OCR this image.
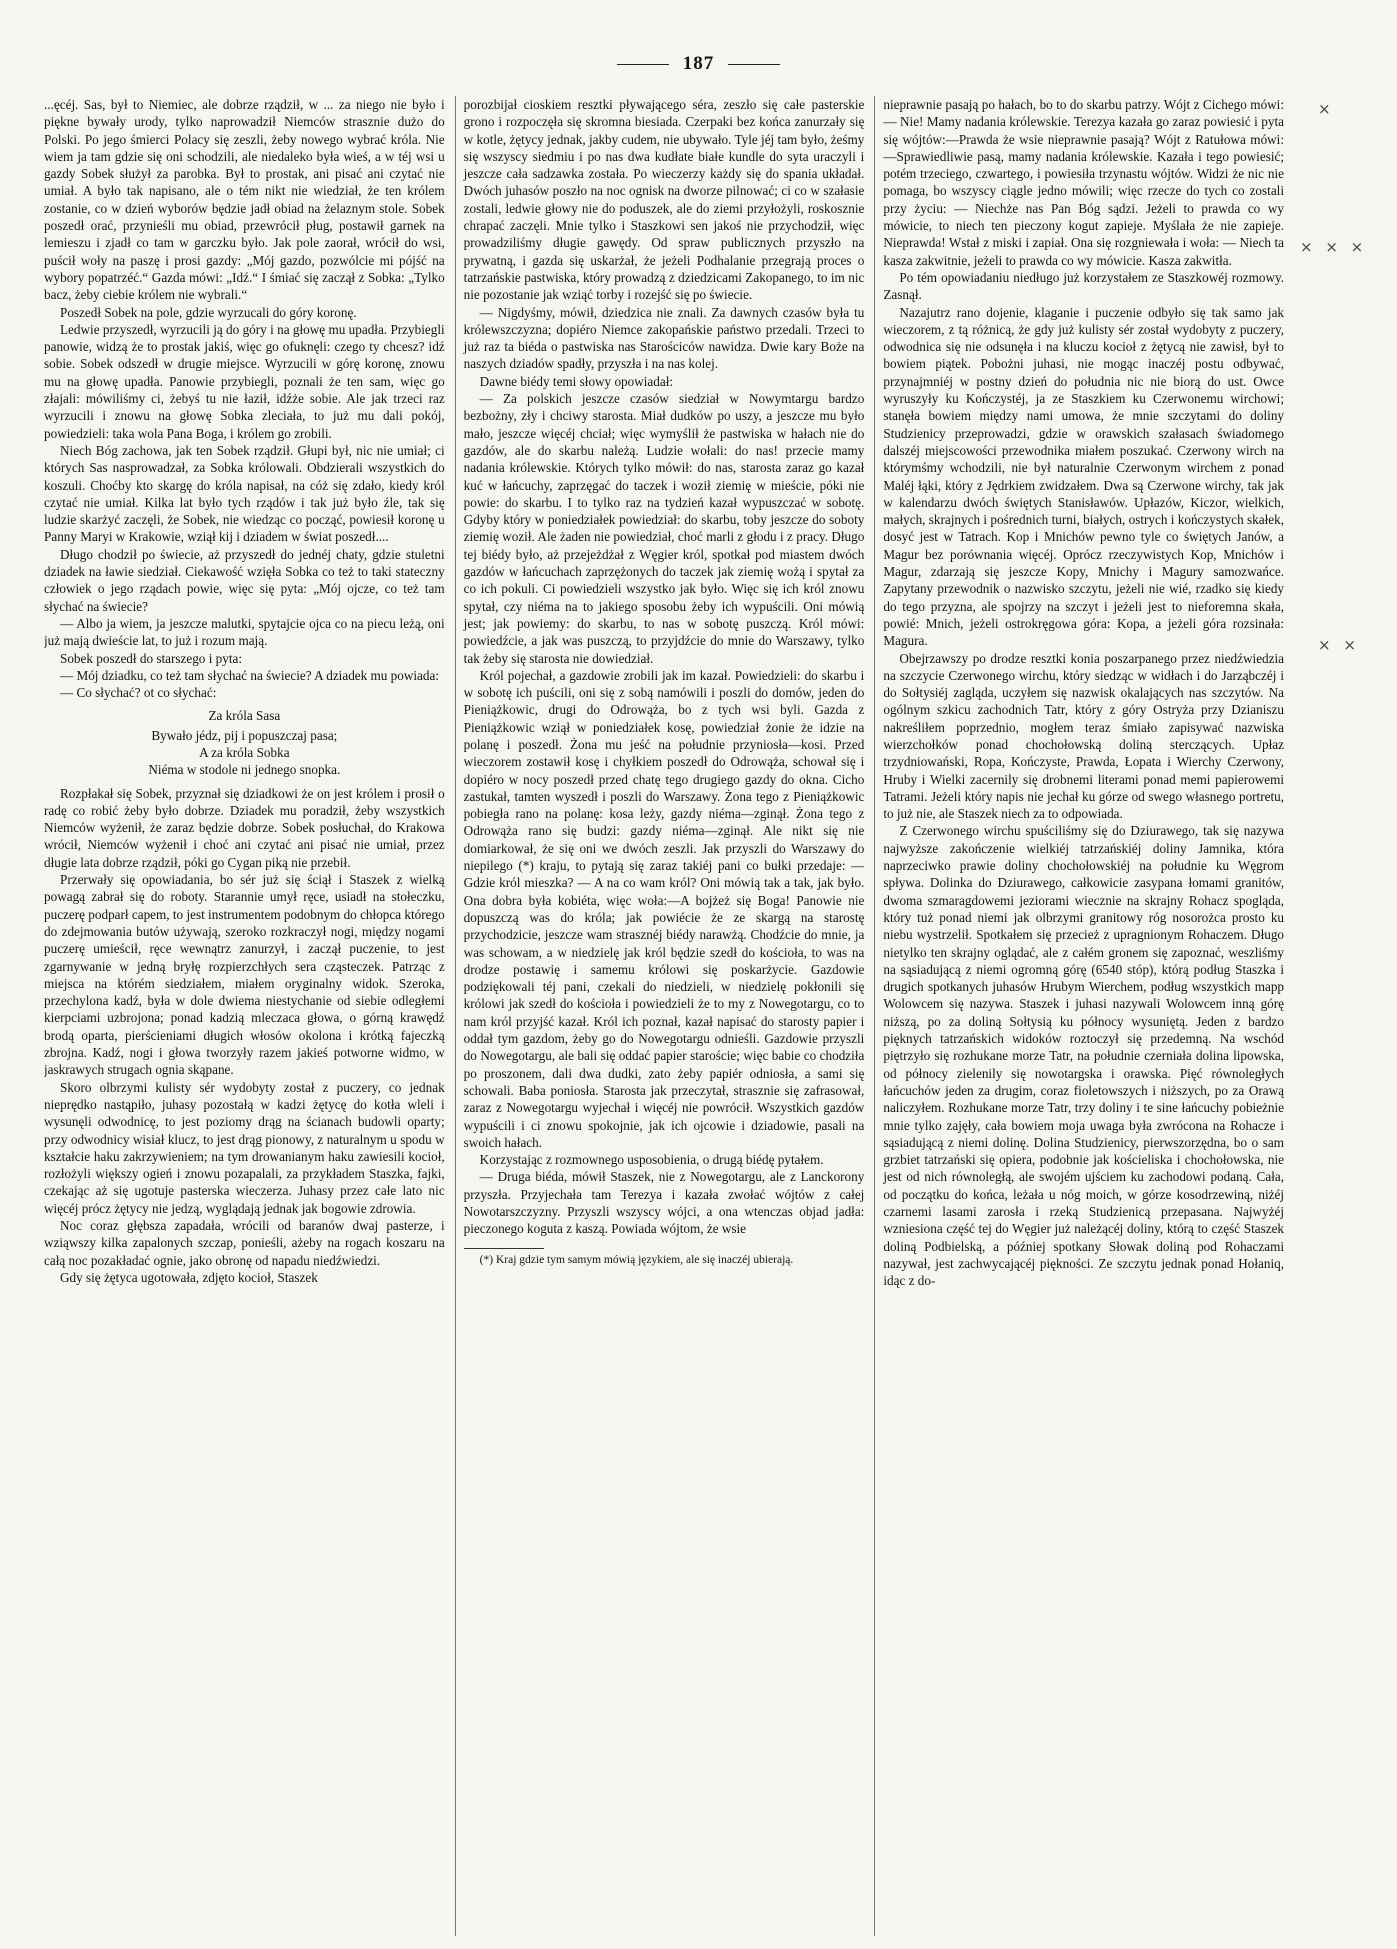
187
×
× × ×
× ×

...ęcéj. Sas, był to Niemiec, ale dobrze rządził, w ... za niego nie było i piękne bywały urody, tylko naprowadził Niemców strasznie dużo do Polski. Po jego śmierci Polacy się zeszli, żeby nowego wybrać króla. Nie wiem ja tam gdzie się oni schodzili, ale niedaleko była wieś, a w téj wsi u gazdy Sobek służył za parobka. Był to prostak, ani pisać ani czytać nie umiał. A było tak napisano, ale o tém nikt nie wiedział, że ten królem zostanie, co w dzień wyborów będzie jadł obiad na żelaznym stole. Sobek poszedł orać, przynieśli mu obiad, przewrócił pług, postawił garnek na lemieszu i zjadł co tam w garczku było. Jak pole zaorał, wrócił do wsi, puścił woły na paszę i prosi gazdy: „Mój gazdo, pozwólcie mi pójść na wybory popatrzéć.“ Gazda mówi: „Idź.“ I śmiać się zaczął z Sobka: „Tylko bacz, żeby ciebie królem nie wybrali.“

Poszedł Sobek na pole, gdzie wyrzucali do góry koronę.

Ledwie przyszedł, wyrzucili ją do góry i na głowę mu upadła. Przybiegli panowie, widzą że to prostak jakiś, więc go ofuknęli: czego ty chcesz? idź sobie. Sobek odszedł w drugie miejsce. Wyrzucili w górę koronę, znowu mu na głowę upadła. Panowie przybiegli, poznali że ten sam, więc go złajali: mówiliśmy ci, żebyś tu nie łaził, idźże sobie. Ale jak trzeci raz wyrzucili i znowu na głowę Sobka zleciała, to już mu dali pokój, powiedzieli: taka wola Pana Boga, i królem go zrobili.

Niech Bóg zachowa, jak ten Sobek rządził. Głupi był, nic nie umiał; ci których Sas nasprowadzał, za Sobka królowali. Obdzierali wszystkich do koszuli. Choćby kto skargę do króla napisał, na cóż się zdało, kiedy król czytać nie umiał. Kilka lat było tych rządów i tak już było źle, tak się ludzie skarżyć zaczęli, że Sobek, nie wiedząc co począć, powiesił koronę u Panny Maryi w Krakowie, wziął kij i dziadem w świat poszedł....

Długo chodził po świecie, aż przyszedł do jednéj chaty, gdzie stuletni dziadek na ławie siedział. Ciekawość wzięła Sobka co też to taki stateczny człowiek o jego rządach powie, więc się pyta: „Mój ojcze, co też tam słychać na świecie?

— Albo ja wiem, ja jeszcze malutki, spytajcie ojca co na piecu leżą, oni już mają dwieście lat, to już i rozum mają.

Sobek poszedł do starszego i pyta:

— Mój dziadku, co też tam słychać na świecie? A dziadek mu powiada:

— Co słychać? ot co słychać:

Za króla Sasa
Bywało jédz, pij i popuszczaj pasa;
A za króla Sobka
Niéma w stodole ni jednego snopka.

Rozpłakał się Sobek, przyznał się dziadkowi że on jest królem i prosił o radę co robić żeby było dobrze. Dziadek mu poradził, żeby wszystkich Niemców wyżenił, że zaraz będzie dobrze. Sobek posłuchał, do Krakowa wrócił, Niemców wyżenił i choć ani czytać ani pisać nie umiał, przez długie lata dobrze rządził, póki go Cygan piką nie przebił.

Przerwały się opowiadania, bo sér już się ściął i Staszek z wielką powagą zabrał się do roboty. Starannie umył ręce, usiadł na stołeczku, puczerę podparł capem, to jest instrumentem podobnym do chłopca którego do zdejmowania butów używają, szeroko rozkraczył nogi, między nogami puczerę umieścił, ręce wewnątrz zanurzył, i zaczął puczenie, to jest zgarnywanie w jedną bryłę rozpierzchłych sera cząsteczek. Patrząc z miejsca na którém siedziałem, miałem oryginalny widok. Szeroka, przechylona kadź, była w dole dwiema niestychanie od siebie odległemi kierpciami uzbrojona; ponad kadzią mleczaca głowa, o górną krawędź brodą oparta, pierścieniami długich włosów okolona i krótką fajeczką zbrojna. Kadź, nogi i głowa tworzyły razem jakieś potworne widmo, w jaskrawych strugach ognia skąpane.

Skoro olbrzymi kulisty sér wydobyty został z puczery, co jednak nieprędko nastąpiło, juhasy pozostałą w kadzi żętycę do kotła wleli i wysunęli odwodnicę, to jest poziomy drąg na ścianach budowli oparty; przy odwodnicy wisiał klucz, to jest drąg pionowy, z naturalnym u spodu w kształcie haku zakrzywieniem; na tym drowanianym haku zawiesili kocioł, rozłożyli większy ogień i znowu pozapalali, za przykładem Staszka, fajki, czekając aż się ugotuje pasterska wieczerza. Juhasy przez całe lato nic więcéj prócz żętycy nie jedzą, wyglądają jednak jak bogowie zdrowia.

Noc coraz głębsza zapadała, wrócili od baranów dwaj pasterze, i wziąwszy kilka zapalonych szczap, ponieśli, ażeby na rogach koszaru na całą noc pozakładać ognie, jako obronę od napadu niedźwiedzi.

Gdy się żętyca ugotowała, zdjęto kocioł, Staszek

porozbijał cioskiem resztki pływającego séra, zeszło się całe pasterskie grono i rozpoczęła się skromna biesiada. Czerpaki bez końca zanurzały się w kotle, żętycy jednak, jakby cudem, nie ubywało. Tyle jéj tam było, żeśmy się wszyscy siedmiu i po nas dwa kudłate białe kundle do syta uraczyli i jeszcze cała sadzawka została. Po wieczerzy każdy się do spania układał. Dwóch juhasów poszło na noc ognisk na dworze pilnować; ci co w szałasie zostali, ledwie głowy nie do poduszek, ale do ziemi przyłożyli, roskosznie chrapać zaczęli. Mnie tylko i Staszkowi sen jakoś nie przychodził, więc prowadziliśmy długie gawędy. Od spraw publicznych przyszło na prywatną, i gazda się uskarżał, że jeżeli Podhalanie przegrają proces o tatrzańskie pastwiska, który prowadzą z dziedzicami Zakopanego, to im nic nie pozostanie jak wziąć torby i rozejść się po świecie.

— Nigdyśmy, mówił, dziedzica nie znali. Za dawnych czasów była tu królewszczyzna; dopiéro Niemce zakopańskie państwo przedali. Trzeci to już raz ta biéda o pastwiska nas Starościców nawidza. Dwie kary Boże na naszych dziadów spadły, przyszła i na nas kolej.

Dawne biédy temi słowy opowiadał:

— Za polskich jeszcze czasów siedział w Nowymtargu bardzo bezbożny, zły i chciwy starosta. Miał dudków po uszy, a jeszcze mu było mało, jeszcze więcéj chciał; więc wymyślił że pastwiska w hałach nie do gazdów, ale do skarbu należą. Ludzie wołali: do nas! przecie mamy nadania królewskie. Których tylko mówił: do nas, starosta zaraz go kazał kuć w łańcuchy, zaprzęgać do taczek i woził ziemię w mieście, póki nie powie: do skarbu. I to tylko raz na tydzień kazał wypuszczać w sobotę. Gdyby który w poniedziałek powiedział: do skarbu, toby jeszcze do soboty ziemię woził. Ale żaden nie powiedział, choć marli z głodu i z pracy. Długo tej biédy było, aż przejeżdżał z Węgier król, spotkał pod miastem dwóch gazdów w łańcuchach zaprzężonych do taczek jak ziemię wożą i spytał za co ich pokuli. Ci powiedzieli wszystko jak było. Więc się ich król znowu spytał, czy niéma na to jakiego sposobu żeby ich wypuścili. Oni mówią jest; jak powiemy: do skarbu, to nas w sobotę puszczą. Król mówi: powiedźcie, a jak was puszczą, to przyjdźcie do mnie do Warszawy, tylko tak żeby się starosta nie dowiedział.

Król pojechał, a gazdowie zrobili jak im kazał. Powiedzieli: do skarbu i w sobotę ich puścili, oni się z sobą namówili i poszli do domów, jeden do Pieniążkowic, drugi do Odrowąża, bo z tych wsi byli. Gazda z Pieniążkowic wziął w poniedziałek kosę, powiedział żonie że idzie na polanę i poszedł. Żona mu jeść na południe przyniosła—kosi. Przed wieczorem zostawił kosę i chyłkiem poszedł do Odrowąża, schował się i dopiéro w nocy poszedł przed chatę tego drugiego gazdy do okna. Cicho zastukał, tamten wyszedł i poszli do Warszawy. Żona tego z Pieniążkowic pobiegła rano na polanę: kosa leży, gazdy niéma—zginął. Żona tego z Odrowąża rano się budzi: gazdy niéma—zginął. Ale nikt się nie domiarkował, że się oni we dwóch zeszli. Jak przyszli do Warszawy do niepilego (*) kraju, to pytają się zaraz takiéj pani co bułki przedaje: — Gdzie król mieszka? — A na co wam król? Oni mówią tak a tak, jak było. Ona dobra była kobiéta, więc woła:—A bojżeż się Boga! Panowie nie dopuszczą was do króla; jak powiécie że ze skargą na starostę przychodzicie, jeszcze wam strasznéj biédy narawżą. Chodźcie do mnie, ja was schowam, a w niedzielę jak król będzie szedł do kościoła, to was na drodze postawię i samemu królowi się poskarżycie. Gazdowie podziękowali téj pani, czekali do niedzieli, w niedzielę pokłonili się królowi jak szedł do kościoła i powiedzieli że to my z Nowegotargu, co to nam król przyjść kazał. Król ich poznał, kazał napisać do starosty papier i oddał tym gazdom, żeby go do Nowegotargu odnieśli. Gazdowie przyszli do Nowegotargu, ale bali się oddać papier staroście; więc babie co chodziła po proszonem, dali dwa dudki, zato żeby papiér odniosła, a sami się schowali. Baba poniosła. Starosta jak przeczytał, strasznie się zafrasował, zaraz z Nowegotargu wyjechał i więcéj nie powrócił. Wszystkich gazdów wypuścili i ci znowu spokojnie, jak ich ojcowie i dziadowie, pasali na swoich hałach.

Korzystając z rozmownego usposobienia, o drugą biédę pytałem.

— Druga biéda, mówił Staszek, nie z Nowegotargu, ale z Lanckorony przyszła. Przyjechała tam Terezya i kazała zwołać wójtów z całej Nowotarszczyzny. Przyszli wszyscy wójci, a ona wtenczas objad jadła: pieczonego koguta z kaszą. Powiada wójtom, że wsie

(*) Kraj gdzie tym samym mówią językiem, ale się inaczéj ubierają.

nieprawnie pasają po hałach, bo to do skarbu patrzy. Wójt z Cichego mówi: — Nie! Mamy nadania królewskie. Terezya kazała go zaraz powiesić i pyta się wójtów:—Prawda że wsie nieprawnie pasają? Wójt z Ratułowa mówi:—Sprawiedliwie pasą, mamy nadania królewskie. Kazała i tego powiesić; potém trzeciego, czwartego, i powiesiła trzynastu wójtów. Widzi że nic nie pomaga, bo wszyscy ciągle jedno mówili; więc rzecze do tych co zostali przy życiu: — Niechże nas Pan Bóg sądzi. Jeżeli to prawda co wy mówicie, to niech ten pieczony kogut zapieje. Myślała że nie zapieje. Nieprawda! Wstał z miski i zapiał. Ona się rozgniewała i woła: — Niech ta kasza zakwitnie, jeżeli to prawda co wy mówicie. Kasza zakwitła.

Po tém opowiadaniu niedługo już korzystałem ze Staszkowéj rozmowy. Zasnął.

Nazajutrz rano dojenie, klaganie i puczenie odbyło się tak samo jak wieczorem, z tą różnicą, że gdy już kulisty sér został wydobyty z puczery, odwodnica się nie odsunęła i na kluczu kocioł z żętycą nie zawisł, był to bowiem piątek. Pobożni juhasi, nie mogąc inaczéj postu odbywać, przynajmniéj w postny dzień do południa nic nie biorą do ust. Owce wyruszyły ku Kończystéj, ja ze Staszkiem ku Czerwonemu wirchowi; stanęła bowiem między nami umowa, że mnie szczytami do doliny Studzienicy przeprowadzi, gdzie w orawskich szałasach świadomego dalszéj miejscowości przewodnika miałem poszukać. Czerwony wirch na którymśmy wchodzili, nie był naturalnie Czerwonym wirchem z ponad Maléj łąki, który z Jędrkiem zwidzałem. Dwa są Czerwone wirchy, tak jak w kalendarzu dwóch świętych Stanisławów. Upłazów, Kiczor, wielkich, małych, skrajnych i pośrednich turni, białych, ostrych i kończystych skałek, dosyć jest w Tatrach. Kop i Mnichów pewno tyle co świętych Janów, a Magur bez porównania więcéj. Oprócz rzeczywistych Kop, Mnichów i Magur, zdarzają się jeszcze Kopy, Mnichy i Magury samozwańce. Zapytany przewodnik o nazwisko szczytu, jeżeli nie wié, rzadko się kiedy do tego przyzna, ale spojrzy na szczyt i jeżeli jest to nieforemna skała, powié: Mnich, jeżeli ostrokręgowa góra: Kopa, a jeżeli góra rozsinała: Magura.

Obejrzawszy po drodze resztki konia poszarpanego przez niedźwiedzia na szczycie Czerwonego wirchu, który siedząc w widłach i do Jarząbczéj i do Sołtysiéj zagląda, uczyłem się nazwisk okalających nas szczytów. Na ogólnym szkicu zachodnich Tatr, który z góry Ostryża przy Dzianiszu nakreśliłem poprzednio, mogłem teraz śmiało zapisywać nazwiska wierzchołków ponad chochołowską doliną sterczących. Upłaz trzydniowański, Ropa, Kończyste, Prawda, Łopata i Wierchy Czerwony, Hruby i Wielki zacernily się drobnemi literami ponad memi papierowemi Tatrami. Jeżeli który napis nie jechał ku górze od swego własnego portretu, to już nie, ale Staszek niech za to odpowiada.

Z Czerwonego wirchu spuściliśmy się do Dziurawego, tak się nazywa najwyższe zakończenie wielkiéj tatrzańskiéj doliny Jamnika, która naprzeciwko prawie doliny chochołowskiéj na południe ku Węgrom spływa. Dolinka do Dziurawego, całkowicie zasypana łomami granitów, dwoma szmaragdowemi jeziorami wiecznie na skrajny Rohacz spogląda, który tuż ponad niemi jak olbrzymi granitowy róg nosorożca prosto ku niebu wystrzelił. Spotkałem się przecież z upragnionym Rohaczem. Długo nietylko ten skrajny oglądać, ale z całém gronem się zapoznać, weszliśmy na sąsiadującą z niemi ogromną górę (6540 stóp), którą podług Staszka i drugich spotkanych juhasów Hrubym Wierchem, podług wszystkich mapp Wolowcem się nazywa. Staszek i juhasi nazywali Wolowcem inną górę niższą, po za doliną Sołtysią ku północy wysuniętą. Jeden z bardzo pięknych tatrzańskich widoków roztoczył się przedemną. Na wschód piętrzyło się rozhukane morze Tatr, na południe czerniała dolina lipowska, od północy zielenily się nowotargska i orawska. Pięć równoległych łańcuchów jeden za drugim, coraz fioletowszych i niższych, po za Orawą naliczyłem. Rozhukane morze Tatr, trzy doliny i te sine łańcuchy pobieżnie mnie tylko zajęły, cała bowiem moja uwaga była zwrócona na Rohacze i sąsiadującą z niemi dolinę. Dolina Studzienicy, pierwszorzędna, bo o sam grzbiet tatrzański się opiera, podobnie jak kościeliska i chochołowska, nie jest od nich równoległą, ale swojém ujściem ku zachodowi podaną. Cała, od początku do końca, leżała u nóg moich, w górze kosodrzewiną, niżéj czarnemi lasami zarosła i rzeką Studzienicą przepasana. Najwyżéj wzniesiona część tej do Węgier już należącéj doliny, którą to część Staszek doliną Podbielską, a później spotkany Słowak doliną pod Rohaczami nazywał, jest zachwycającéj piękności. Ze szczytu jednak ponad Hołaniq, idąc z do-
